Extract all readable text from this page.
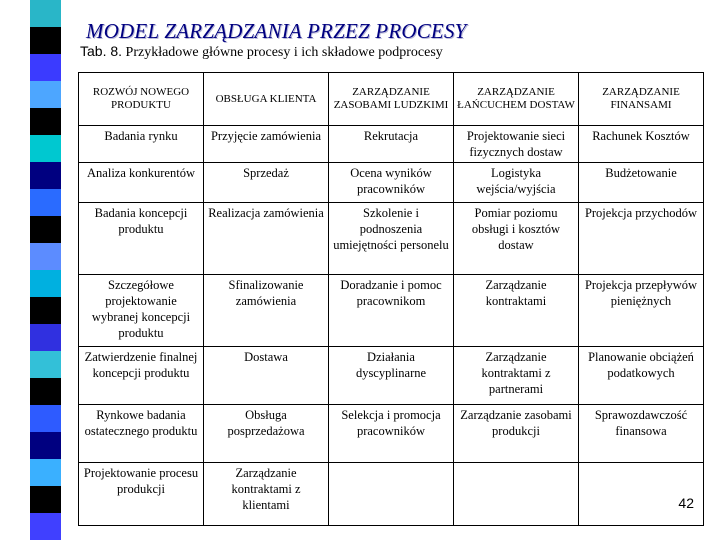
MODEL ZARZĄDZANIA PRZEZ PROCESY
Tab. 8. Przykładowe główne procesy i ich składowe podprocesy
ROZWÓJ NOWEGO PRODUKTU	OBSŁUGA KLIENTA	ZARZĄDZANIE ZASOBAMI LUDZKIMI	ZARZĄDZANIE ŁAŃCUCHEM DOSTAW	ZARZĄDZANIE FINANSAMI
Badania rynku	Przyjęcie zamówienia	Rekrutacja	Projektowanie sieci fizycznych dostaw	Rachunek Kosztów
Analiza konkurentów	Sprzedaż	Ocena wyników pracowników	Logistyka wejścia/wyjścia	Budżetowanie
Badania koncepcji produktu	Realizacja zamówienia	Szkolenie i podnoszenia umiejętności personelu	Pomiar poziomu obsługi i kosztów dostaw	Projekcja przychodów
Szczegółowe projektowanie wybranej koncepcji produktu	Sfinalizowanie zamówienia	Doradzanie i pomoc pracownikom	Zarządzanie kontraktami	Projekcja przepływów pieniężnych
Zatwierdzenie finalnej koncepcji produktu	Dostawa	Działania dyscyplinarne	Zarządzanie kontraktami z partnerami	Planowanie obciążeń podatkowych
Rynkowe badania ostatecznego produktu	Obsługa posprzedażowa	Selekcja i promocja pracowników	Zarządzanie zasobami produkcji	Sprawozdawczość finansowa
Projektowanie procesu produkcji	Zarządzanie kontraktami z klientami				42
